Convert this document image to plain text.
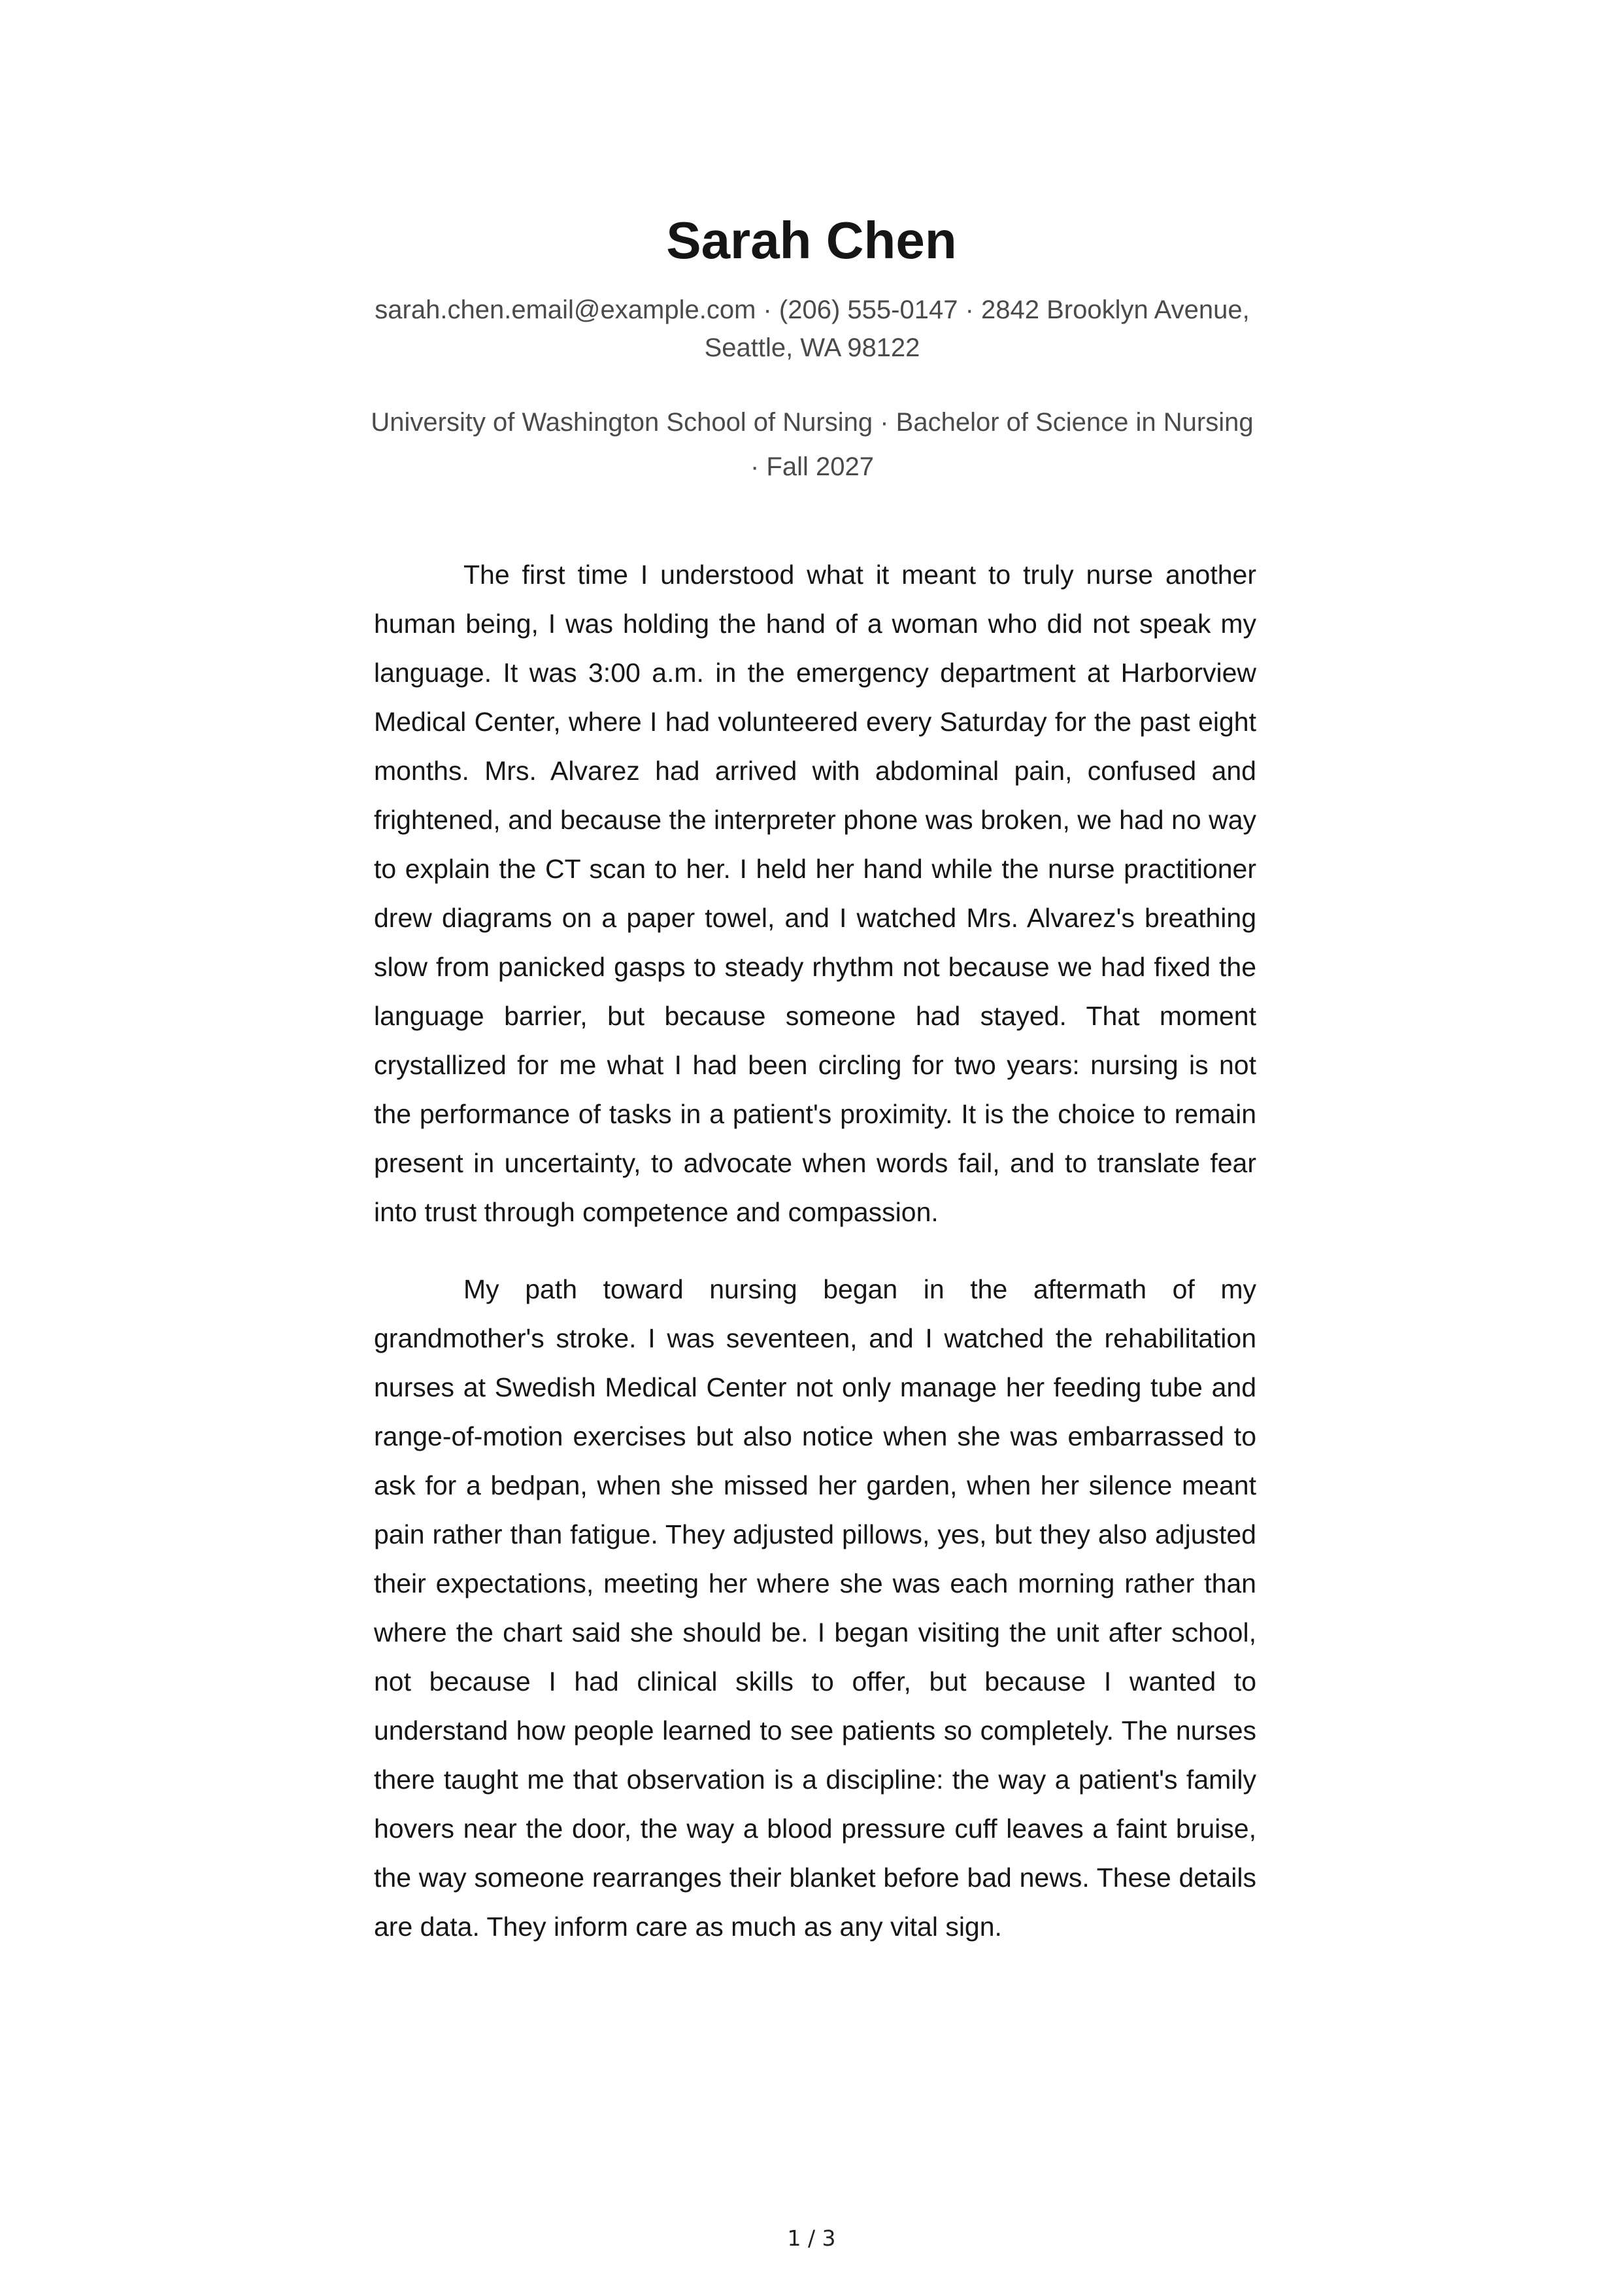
Sarah Chen

sarah.chen.email@example.com · (206) 555-0147 · 2842 Brooklyn Avenue, Seattle, WA 98122

University of Washington School of Nursing · Bachelor of Science in Nursing · Fall 2027

The first time I understood what it meant to truly nurse another human being, I was holding the hand of a woman who did not speak my language. It was 3:00 a.m. in the emergency department at Harborview Medical Center, where I had volunteered every Saturday for the past eight months. Mrs. Alvarez had arrived with abdominal pain, confused and frightened, and because the interpreter phone was broken, we had no way to explain the CT scan to her. I held her hand while the nurse practitioner drew diagrams on a paper towel, and I watched Mrs. Alvarez's breathing slow from panicked gasps to steady rhythm not because we had fixed the language barrier, but because someone had stayed. That moment crystallized for me what I had been circling for two years: nursing is not the performance of tasks in a patient's proximity. It is the choice to remain present in uncertainty, to advocate when words fail, and to translate fear into trust through competence and compassion.

My path toward nursing began in the aftermath of my grandmother's stroke. I was seventeen, and I watched the rehabilitation nurses at Swedish Medical Center not only manage her feeding tube and range-of-motion exercises but also notice when she was embarrassed to ask for a bedpan, when she missed her garden, when her silence meant pain rather than fatigue. They adjusted pillows, yes, but they also adjusted their expectations, meeting her where she was each morning rather than where the chart said she should be. I began visiting the unit after school, not because I had clinical skills to offer, but because I wanted to understand how people learned to see patients so completely. The nurses there taught me that observation is a discipline: the way a patient's family hovers near the door, the way a blood pressure cuff leaves a faint bruise, the way someone rearranges their blanket before bad news. These details are data. They inform care as much as any vital sign.

1 / 3
